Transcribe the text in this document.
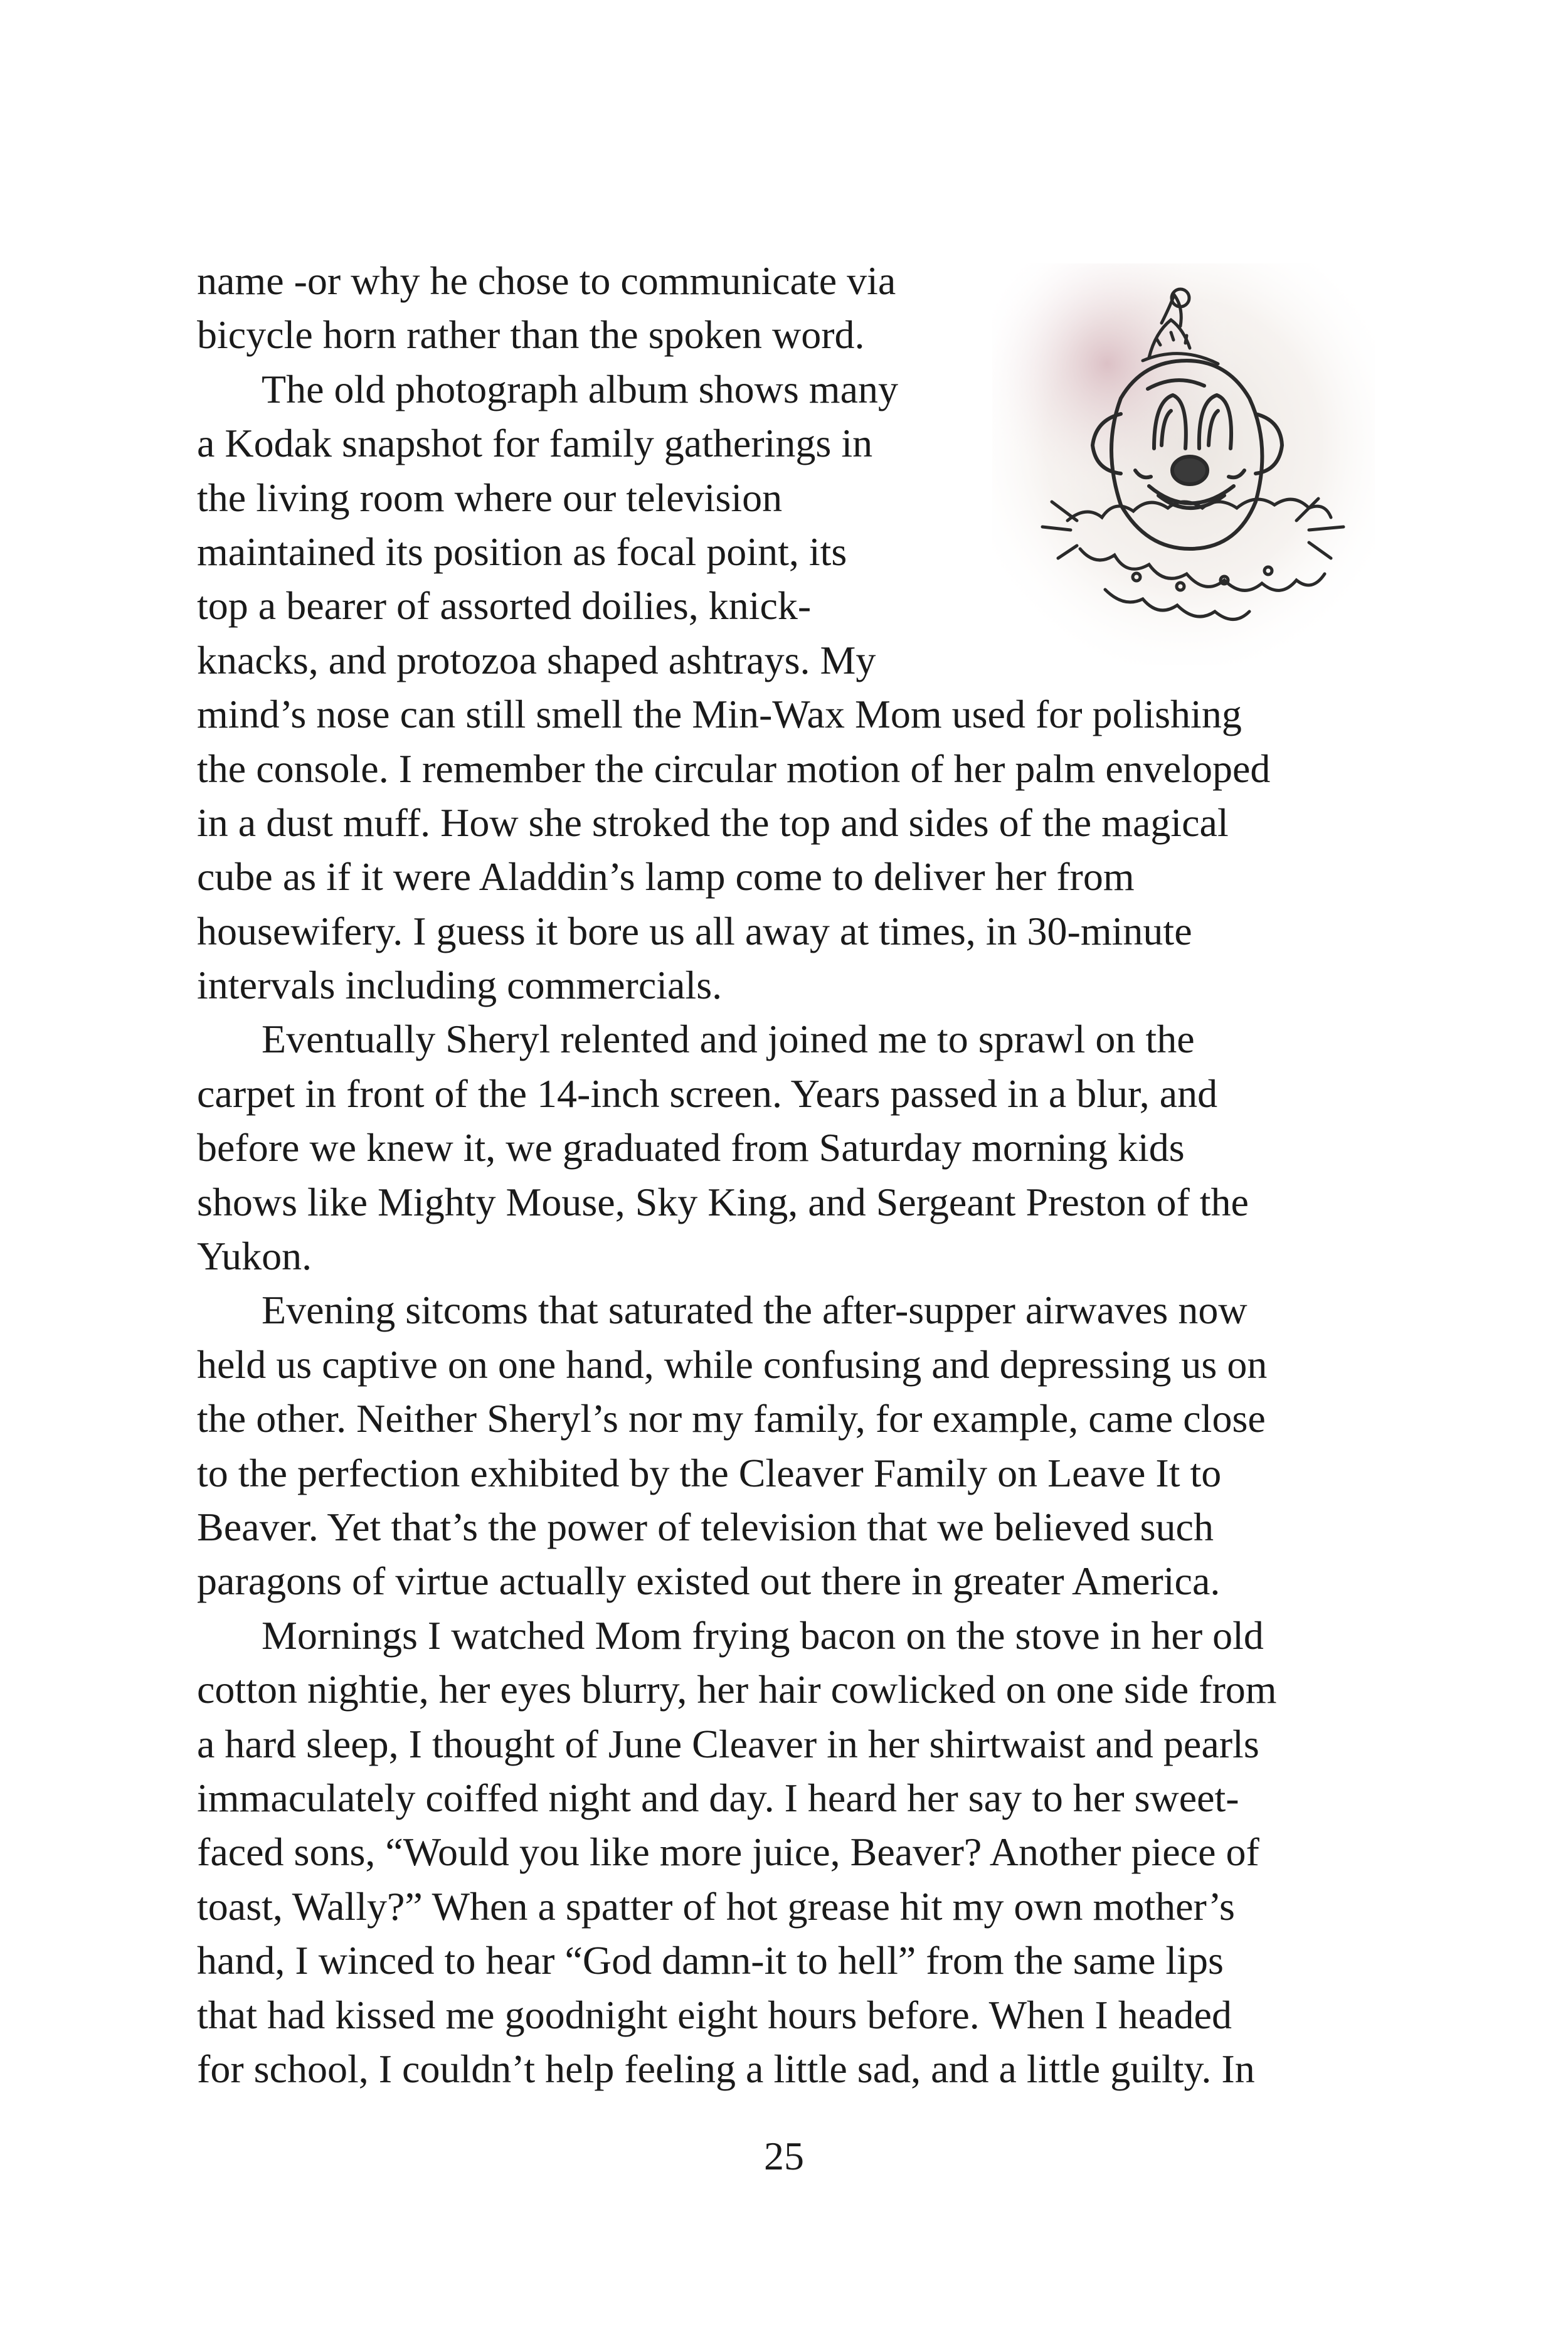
name -or why he chose to communicate via
bicycle horn rather than the spoken word.
The old photograph album shows many
a Kodak snapshot for family gatherings in
the living room where our television
maintained its position as focal point, its
top a bearer of assorted doilies, knick-
knacks, and protozoa shaped ashtrays. My
mind’s nose can still smell the Min-Wax Mom used for polishing
the console. I remember the circular motion of her palm enveloped
in a dust muff. How she stroked the top and sides of the magical
cube as if it were Aladdin’s lamp come to deliver her from
housewifery. I guess it bore us all away at times, in 30-minute
intervals including commercials.
Eventually Sheryl relented and joined me to sprawl on the
carpet in front of the 14-inch screen. Years passed in a blur, and
before we knew it, we graduated from Saturday morning kids
shows like Mighty Mouse, Sky King, and Sergeant Preston of the
Yukon.
Evening sitcoms that saturated the after-supper airwaves now
held us captive on one hand, while confusing and depressing us on
the other. Neither Sheryl’s nor my family, for example, came close
to the perfection exhibited by the Cleaver Family on Leave It to
Beaver. Yet that’s the power of television that we believed such
paragons of virtue actually existed out there in greater America.
Mornings I watched Mom frying bacon on the stove in her old
cotton nightie, her eyes blurry, her hair cowlicked on one side from
a hard sleep, I thought of June Cleaver in her shirtwaist and pearls
immaculately coiffed night and day. I heard her say to her sweet-
faced sons, “Would you like more juice, Beaver? Another piece of
toast, Wally?” When a spatter of hot grease hit my own mother’s
hand, I winced to hear “God damn-it to hell” from the same lips
that had kissed me goodnight eight hours before. When I headed
for school, I couldn’t help feeling a little sad, and a little guilty. In
25
